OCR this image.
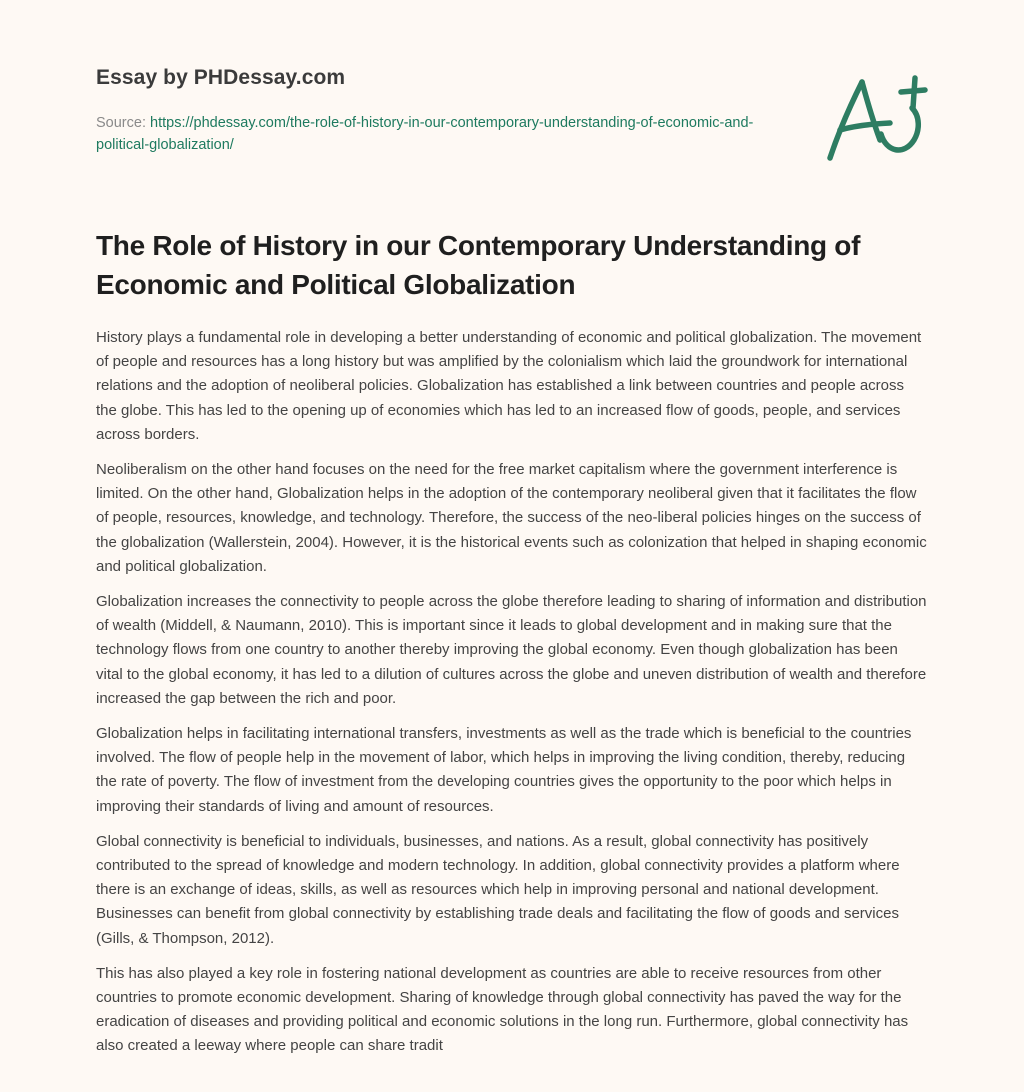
Essay by PHDessay.com
Source: https://phdessay.com/the-role-of-history-in-our-contemporary-understanding-of-economic-and-political-globalization/
The Role of History in our Contemporary Understanding of Economic and Political Globalization

History plays a fundamental role in developing a better understanding of economic and political globalization. The movement of people and resources has a long history but was amplified by the colonialism which laid the groundwork for international relations and the adoption of neoliberal policies. Globalization has established a link between countries and people across the globe. This has led to the opening up of economies which has led to an increased flow of goods, people, and services across borders.

Neoliberalism on the other hand focuses on the need for the free market capitalism where the government interference is limited. On the other hand, Globalization helps in the adoption of the contemporary neoliberal given that it facilitates the flow of people, resources, knowledge, and technology. Therefore, the success of the neo-liberal policies hinges on the success of the globalization (Wallerstein, 2004). However, it is the historical events such as colonization that helped in shaping economic and political globalization.

Globalization increases the connectivity to people across the globe therefore leading to sharing of information and distribution of wealth (Middell, & Naumann, 2010). This is important since it leads to global development and in making sure that the technology flows from one country to another thereby improving the global economy. Even though globalization has been vital to the global economy, it has led to a dilution of cultures across the globe and uneven distribution of wealth and therefore increased the gap between the rich and poor.

Globalization helps in facilitating international transfers, investments as well as the trade which is beneficial to the countries involved. The flow of people help in the movement of labor, which helps in improving the living condition, thereby, reducing the rate of poverty. The flow of investment from the developing countries gives the opportunity to the poor which helps in improving their standards of living and amount of resources.

Global connectivity is beneficial to individuals, businesses, and nations. As a result, global connectivity has positively contributed to the spread of knowledge and modern technology. In addition, global connectivity provides a platform where there is an exchange of ideas, skills, as well as resources which help in improving personal and national development. Businesses can benefit from global connectivity by establishing trade deals and facilitating the flow of goods and services (Gills, & Thompson, 2012).

This has also played a key role in fostering national development as countries are able to receive resources from other countries to promote economic development. Sharing of knowledge through global connectivity has paved the way for the eradication of diseases and providing political and economic solutions in the long run. Furthermore, global connectivity has also created a leeway where people can share tradit
